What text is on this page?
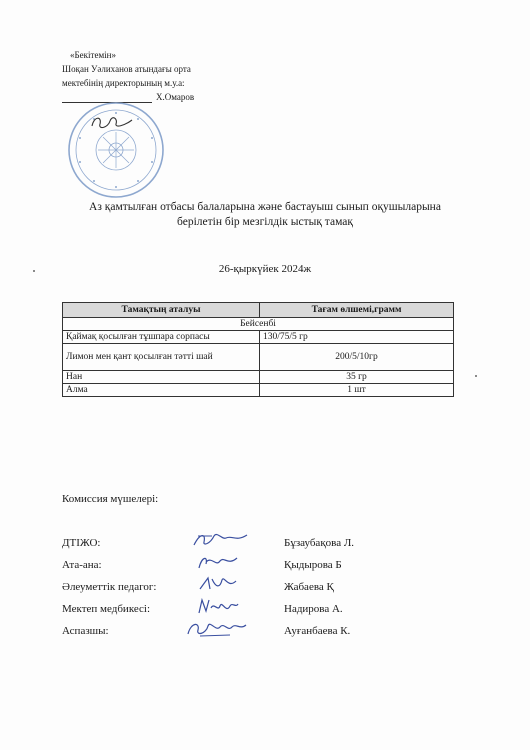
«Бекітемін»
Шоқан Уәлиханов атындағы орта
мектебінің директорының м.у.а:
Х.Омаров
Аз қамтылған отбасы балаларына және бастауыш сынып оқушыларына
берілетін бір мезгілдік ыстық тамақ
26-қыркүйек 2024ж
Тамақтың аталуы	Тағам өлшемі,грамм
Бейсенбі	
Қаймақ қосылған тұшпара сорпасы	130/75/5 гр
Лимон мен қант қосылған тәтті шай	200/5/10гр
Нан	35 гр
Алма	1 шт
Комиссия мүшелері:
ДТІЖО:	Бұзаубақова Л.
Ата-ана:	Қыдырова Б
Әлеуметтік педагог:	Жабаева Қ
Мектеп медбикесі:	Надирова А.
Аспазшы:	Ауғанбаева К.
